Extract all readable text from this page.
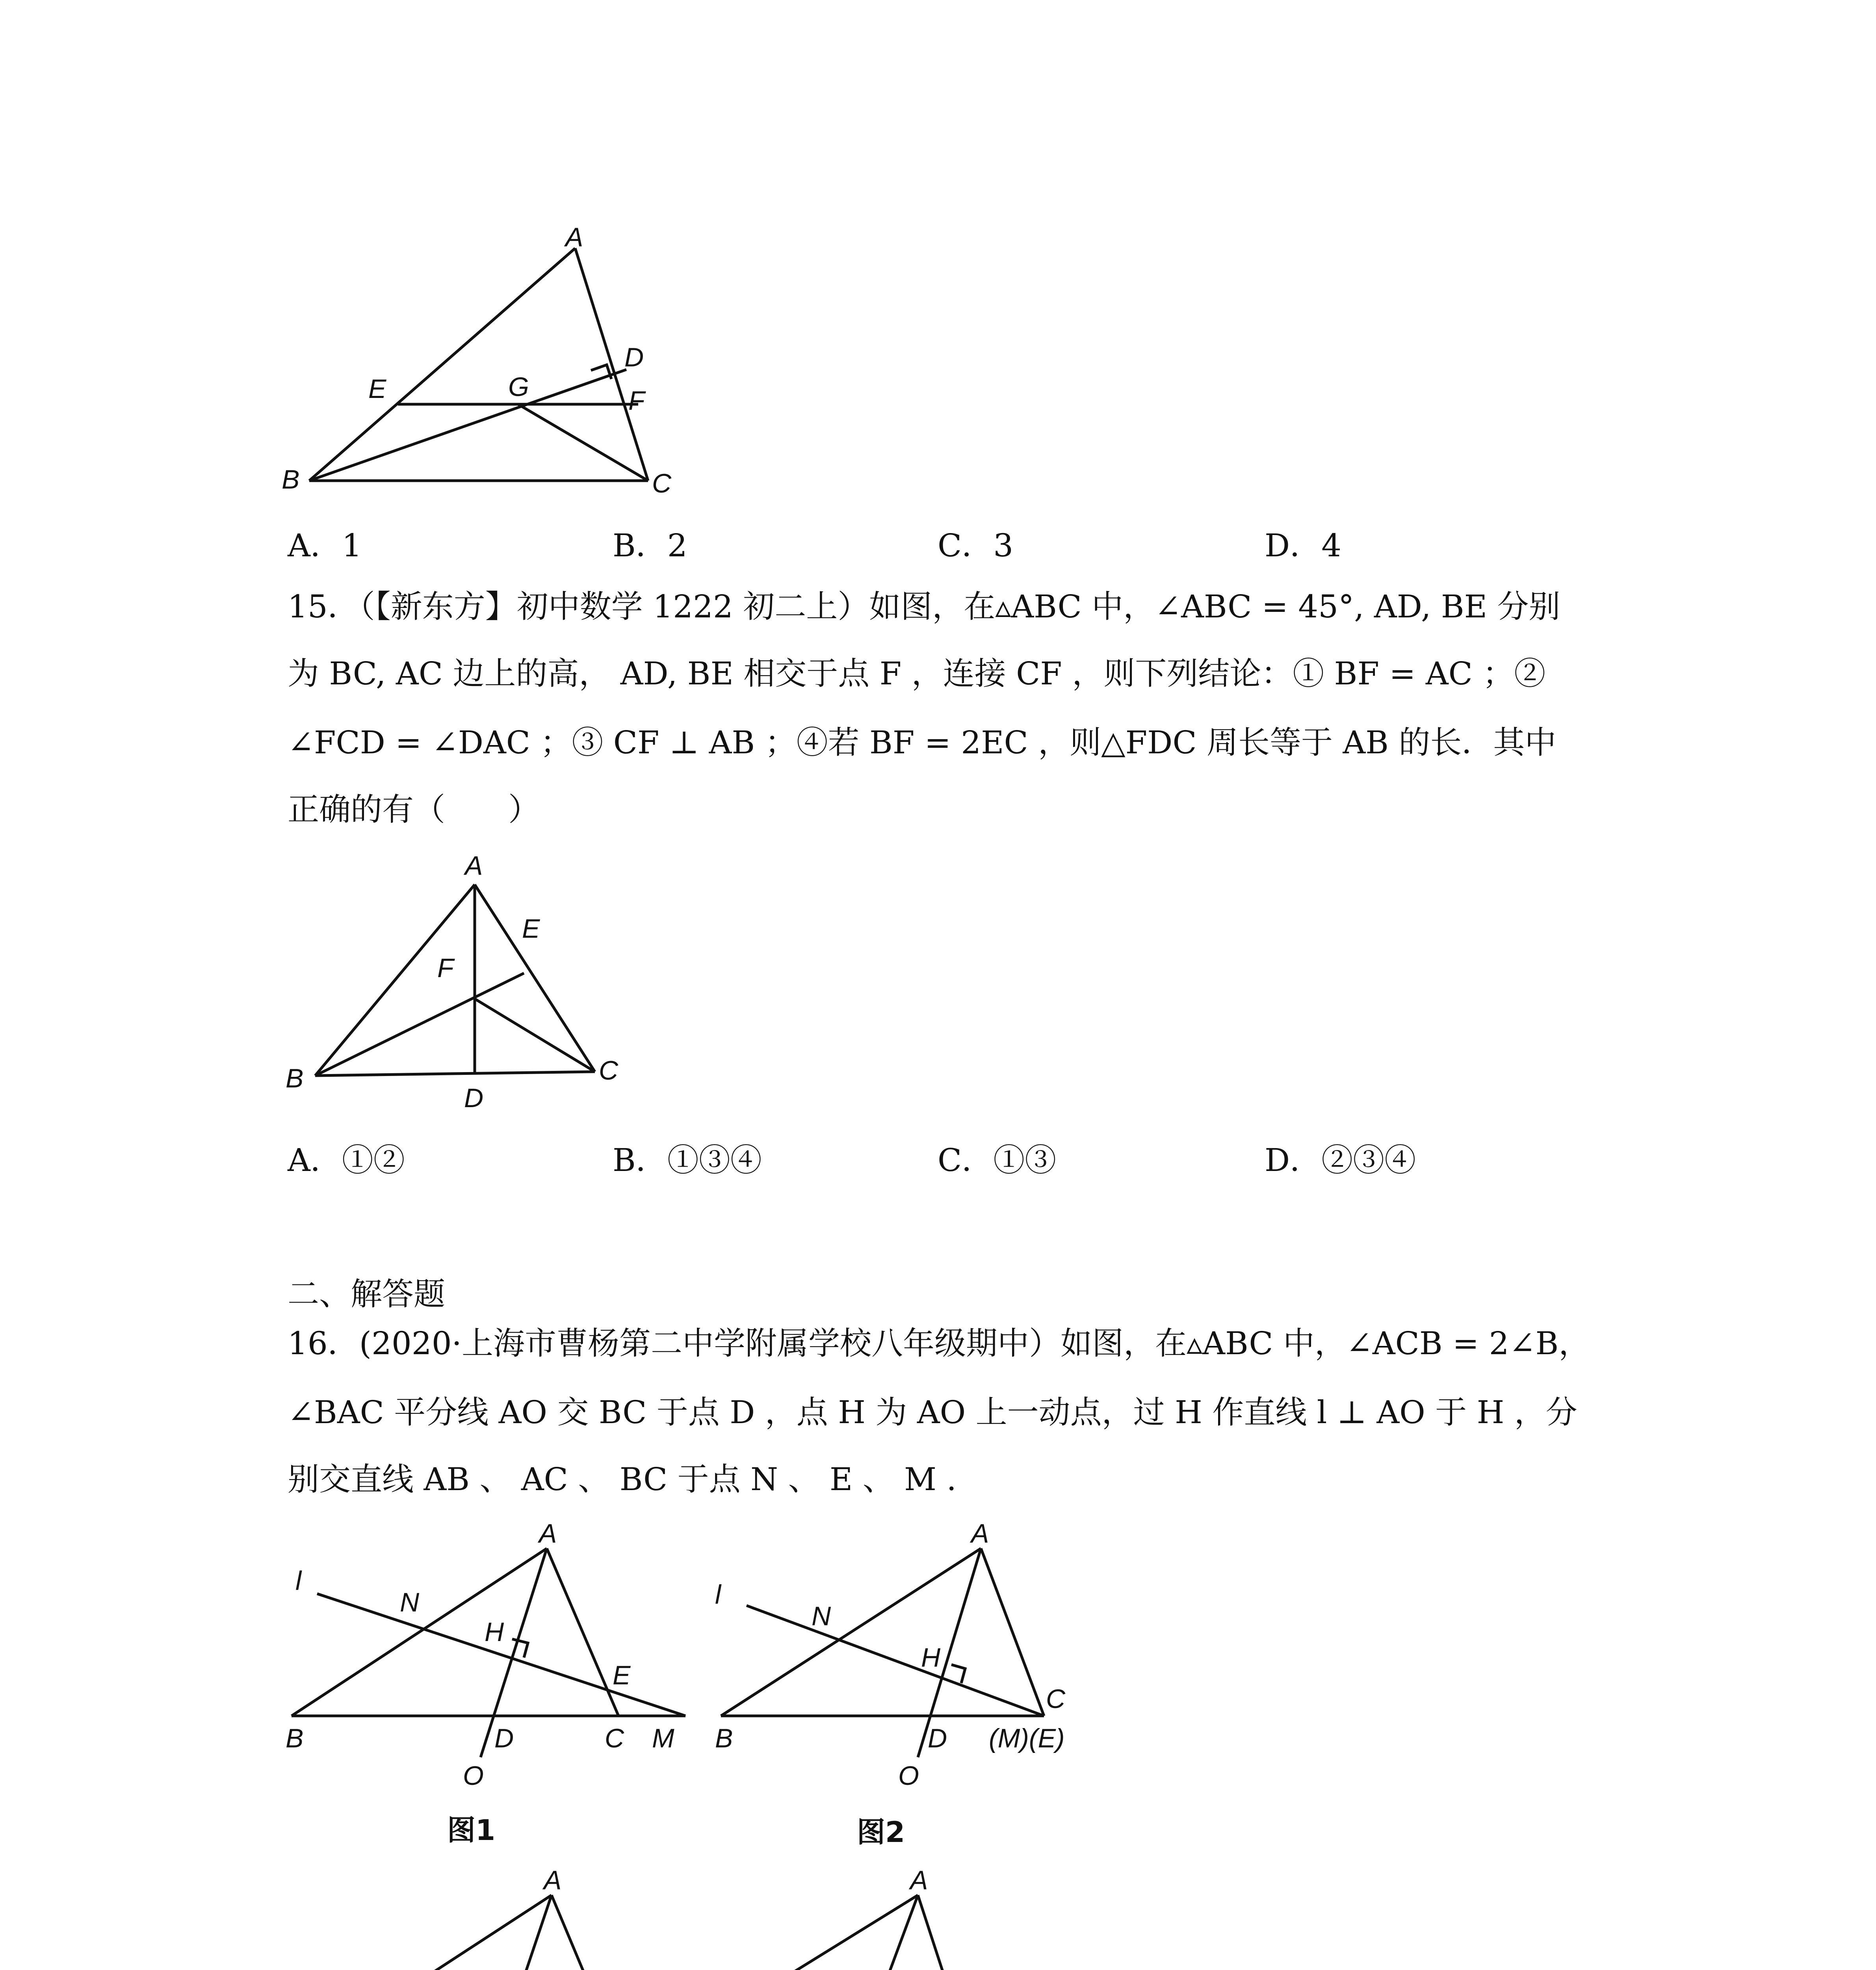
A
E	G
D
F
B	C
A．1	B．2	C．3	D．4
15．（【新东方】初中数学 1222 初二上）如图，在▵ABC 中，∠ABC = 45°, AD, BE 分别
为 BC, AC 边上的高， AD, BE 相交于点 F ，连接 CF ，则下列结论：① BF = AC ；②
∠FCD = ∠DAC ；③ CF ⊥ AB ；④若 BF = 2EC ，则△FDC 周长等于 AB 的长．其中
正确的有（　　）
A
E
F
B
D
C
A．①②	B．①③④	C．①③	D．②③④
二、解答题
16．(2020·上海市曹杨第二中学附属学校八年级期中）如图，在▵ABC 中，∠ACB = 2∠B，
∠BAC 平分线 AO 交 BC 于点 D ，点 H 为 AO 上一动点，过 H 作直线 l ⊥ AO 于 H ，分
别交直线 AB 、 AC 、 BC 于点 N 、 E 、 M .
A
l
N
H
E
B	D	C M
O
图1
A
l
N
H
C
B	D (M)(E)
O
图2
A	A
